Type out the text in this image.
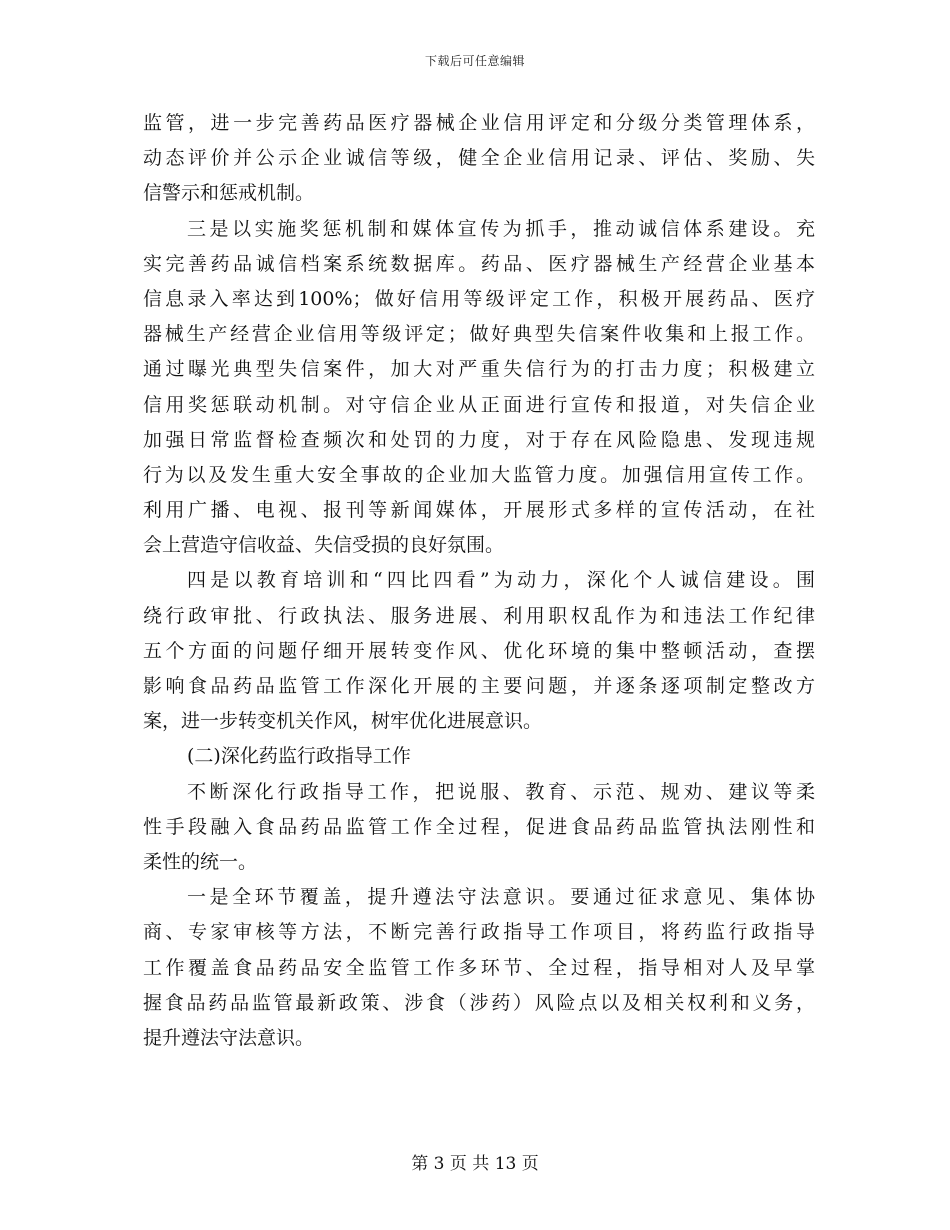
下载后可任意编辑
监管，进一步完善药品医疗器械企业信用评定和分级分类管理体系，
动态评价并公示企业诚信等级，健全企业信用记录、评估、奖励、失
信警示和惩戒机制。
三是以实施奖惩机制和媒体宣传为抓手，推动诚信体系建设。充
实完善药品诚信档案系统数据库。药品、医疗器械生产经营企业基本
信息录入率达到100%；做好信用等级评定工作，积极开展药品、医疗
器械生产经营企业信用等级评定；做好典型失信案件收集和上报工作。
通过曝光典型失信案件，加大对严重失信行为的打击力度；积极建立
信用奖惩联动机制。对守信企业从正面进行宣传和报道，对失信企业
加强日常监督检查频次和处罚的力度，对于存在风险隐患、发现违规
行为以及发生重大安全事故的企业加大监管力度。加强信用宣传工作。
利用广播、电视、报刊等新闻媒体，开展形式多样的宣传活动，在社
会上营造守信收益、失信受损的良好氛围。
四是以教育培训和“四比四看”为动力，深化个人诚信建设。围
绕行政审批、行政执法、服务进展、利用职权乱作为和违法工作纪律
五个方面的问题仔细开展转变作风、优化环境的集中整顿活动，查摆
影响食品药品监管工作深化开展的主要问题，并逐条逐项制定整改方
案，进一步转变机关作风，树牢优化进展意识。
(二)深化药监行政指导工作
不断深化行政指导工作，把说服、教育、示范、规劝、建议等柔
性手段融入食品药品监管工作全过程，促进食品药品监管执法刚性和
柔性的统一。
一是全环节覆盖，提升遵法守法意识。要通过征求意见、集体协
商、专家审核等方法，不断完善行政指导工作项目，将药监行政指导
工作覆盖食品药品安全监管工作多环节、全过程，指导相对人及早掌
握食品药品监管最新政策、涉食（涉药）风险点以及相关权利和义务，
提升遵法守法意识。
第 3 页 共 13 页
